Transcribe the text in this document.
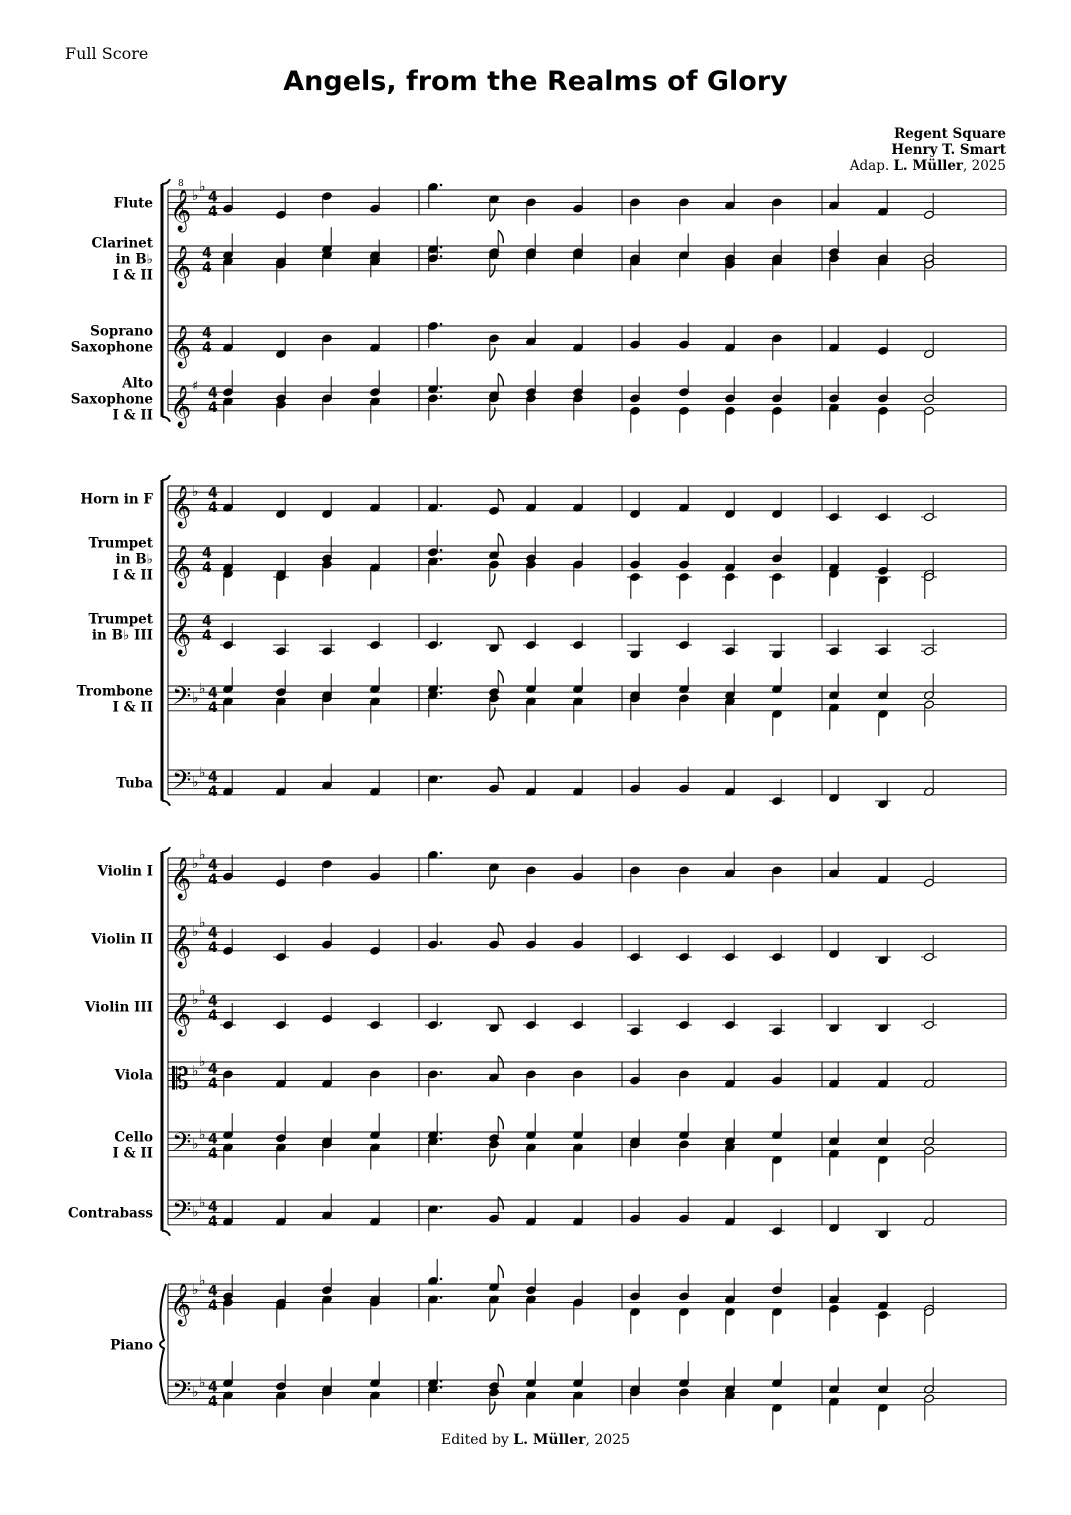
Full Score
Angels, from the Realms of Glory
Regent Square
Henry T. Smart
Adap. L. Müller, 2025
𝄞
8
♭
♭
4
4
Flute
𝄞 4
4
Clarinet
in B♭
I & II
𝄞 4
4
Soprano
Saxophone
𝄞 ♯ 4
4
Alto
Saxophone
I & II
𝄞 ♭ 4
4
Horn in F
𝄞 4
4
Trumpet
in B♭
I & II
𝄞 4
4
Trumpet
in B♭ III
𝄢 ♭
♭ 4
4
Trombone
I & II
𝄢 ♭
♭ 4
4
Tuba
𝄞 ♭
♭
4
4
Violin I
𝄞 ♭
♭
4
4
Violin II
𝄞 ♭
♭
4
4
Violin III
𝄡 ♭
♭ 4
4
Viola
𝄢 ♭
♭ 4
4
Cello
I & II
𝄢 ♭
♭ 4
4
Contrabass
𝄞 ♭
♭
4
4
𝄢 ♭
♭ 4
4
Piano
Edited by L. Müller, 2025
